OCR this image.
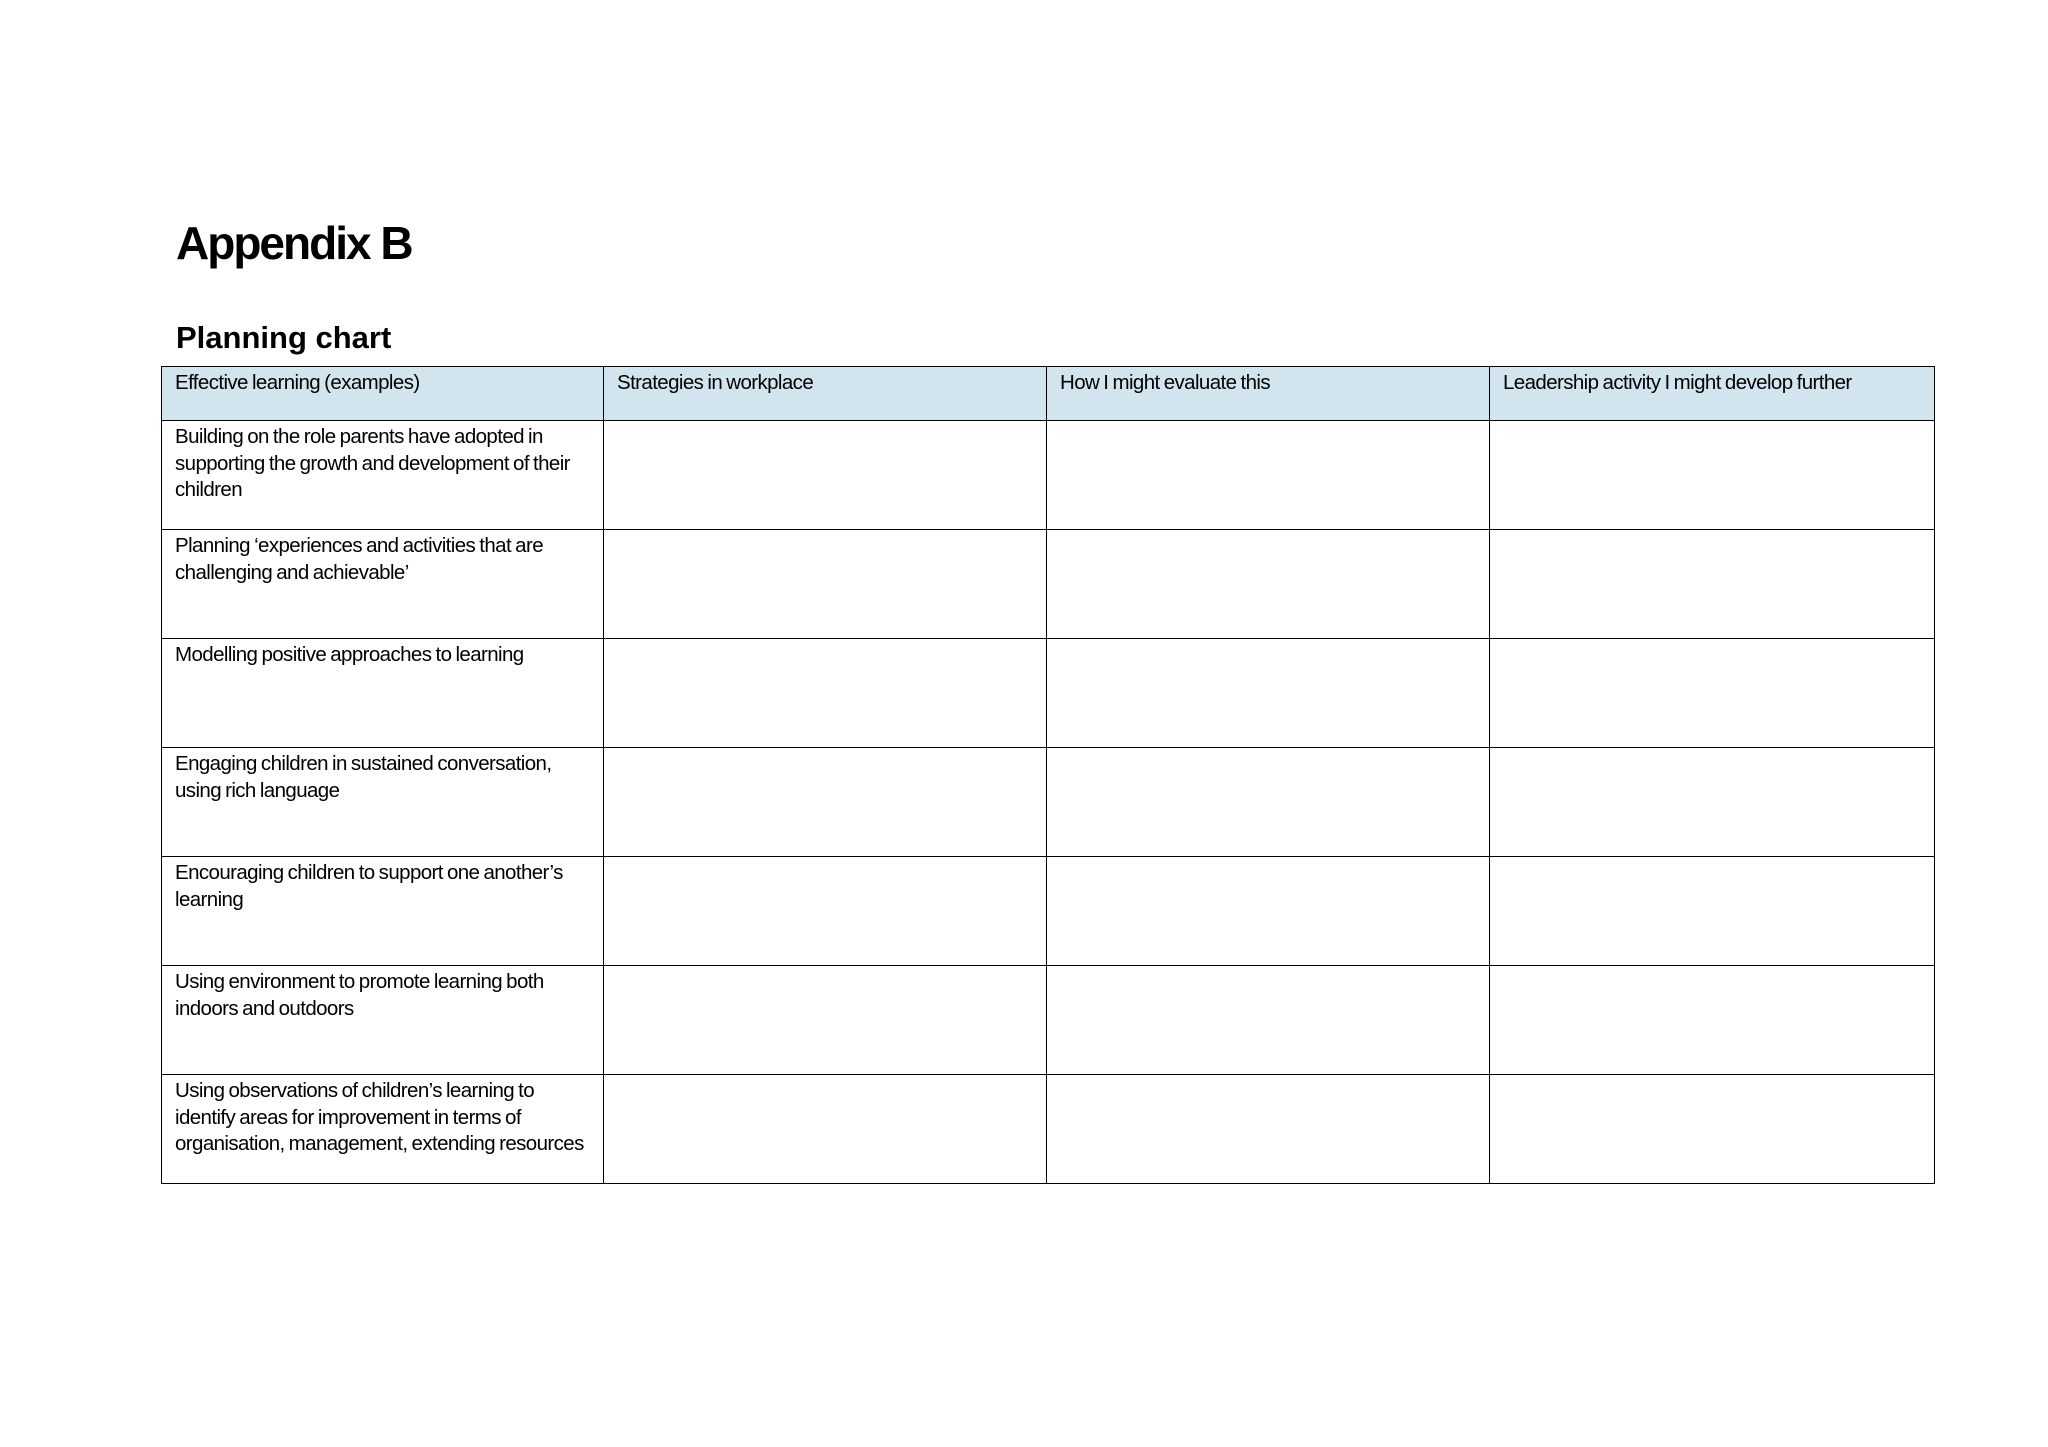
Appendix B
Planning chart
Effective learning (examples)	Strategies in workplace	How I might evaluate this	Leadership activity I might develop further
Building on the role parents have adopted in supporting the growth and development of their children			
Planning ‘experiences and activities that are challenging and achievable’			
Modelling positive approaches to learning			
Engaging children in sustained conversation, using rich language			
Encouraging children to support one another’s learning			
Using environment to promote learning both indoors and outdoors			
Using observations of children’s learning to identify areas for improvement in terms of organisation, management, extending resources			
